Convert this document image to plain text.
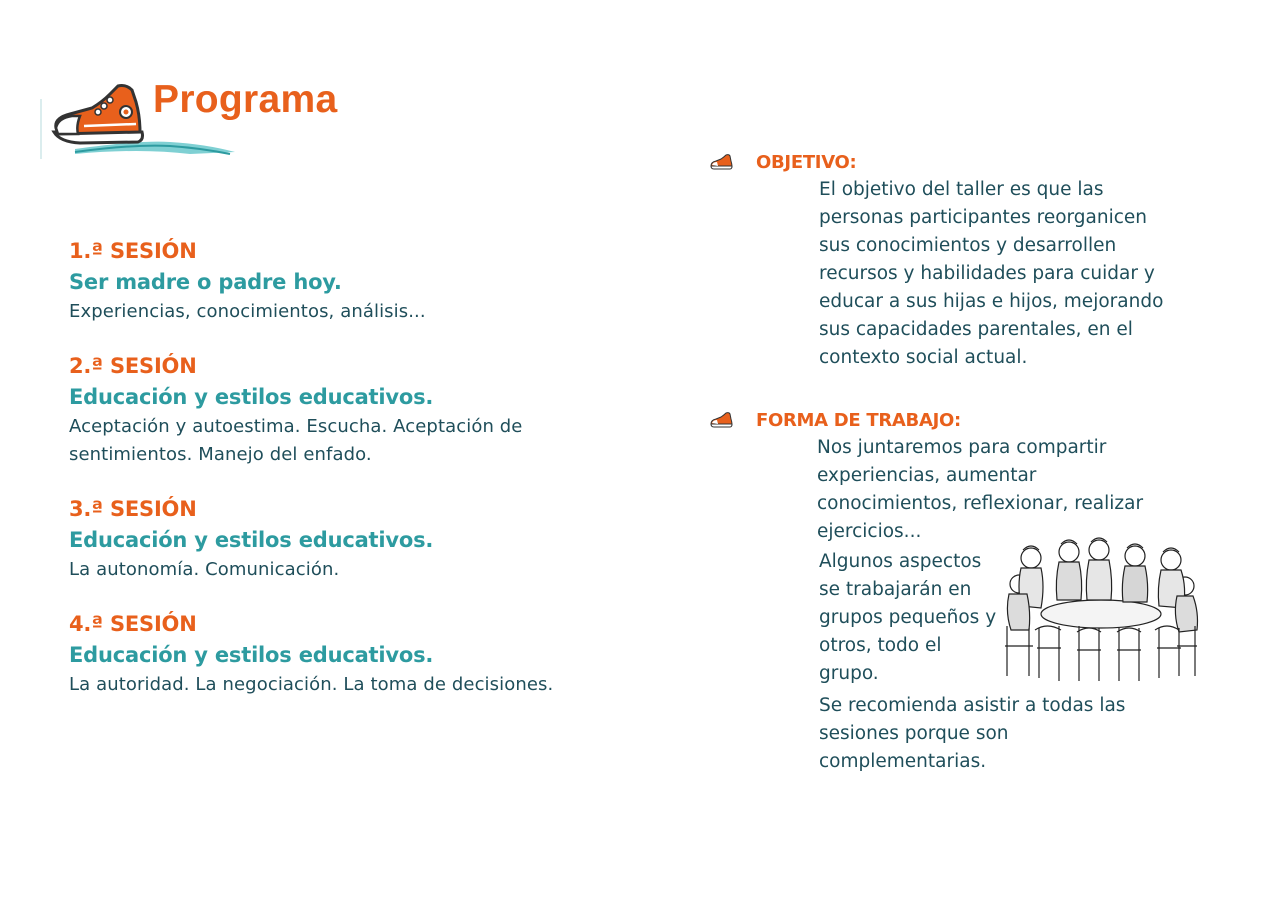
Programa
1.ª SESIÓN
Ser madre o padre hoy.
Experiencias, conocimientos, análisis...
2.ª SESIÓN
Educación y estilos educativos.
Aceptación y autoestima. Escucha. Aceptación de sentimientos. Manejo del enfado.
3.ª SESIÓN
Educación y estilos educativos.
La autonomía. Comunicación.
4.ª SESIÓN
Educación y estilos educativos.
La autoridad. La negociación. La toma de decisiones.
OBJETIVO:
El objetivo del taller es que las personas participantes reorganicen sus conocimientos y desarrollen recursos y habilidades para cuidar y educar a sus hijas e hijos, mejorando sus capacidades parentales, en el contexto social actual.
FORMA DE TRABAJO:
Nos juntaremos para compartir experiencias, aumentar conocimientos, reflexionar, realizar ejercicios...
Algunos aspectos se trabajarán en grupos pequeños y otros, todo el grupo.
Se recomienda asistir a todas las sesiones porque son complementarias.
